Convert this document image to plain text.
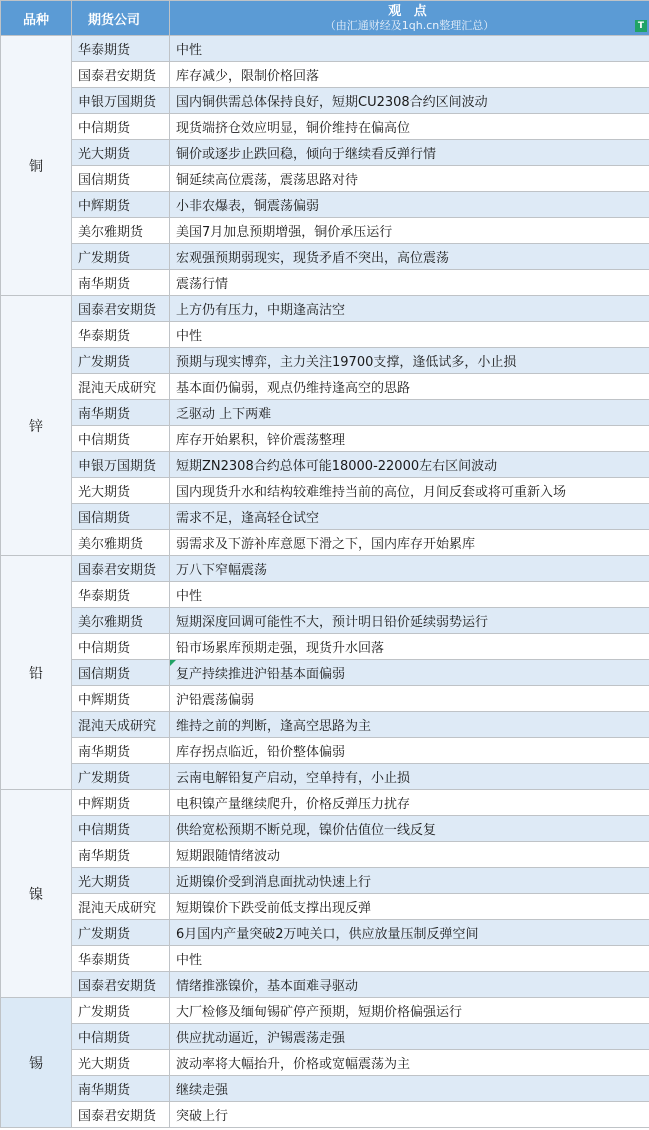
品种	期货公司	观 点
（由汇通财经及1qh.cn整理汇总） T

铜	华泰期货	中性
	国泰君安期货	库存减少，限制价格回落
	申银万国期货	国内铜供需总体保持良好，短期CU2308合约区间波动
	中信期货	现货端挤仓效应明显，铜价维持在偏高位
	光大期货	铜价或逐步止跌回稳，倾向于继续看反弹行情
	国信期货	铜延续高位震荡，震荡思路对待
	中辉期货	小非农爆表，铜震荡偏弱
	美尔雅期货	美国7月加息预期增强，铜价承压运行
	广发期货	宏观强预期弱现实，现货矛盾不突出，高位震荡
	南华期货	震荡行情
锌	国泰君安期货	上方仍有压力，中期逢高沽空
	华泰期货	中性
	广发期货	预期与现实博弈，主力关注19700支撑，逢低试多，小止损
	混沌天成研究	基本面仍偏弱，观点仍维持逢高空的思路
	南华期货	乏驱动 上下两难
	中信期货	库存开始累积，锌价震荡整理
	申银万国期货	短期ZN2308合约总体可能18000-22000左右区间波动
	光大期货	国内现货升水和结构较难维持当前的高位，月间反套或将可重新入场
	国信期货	需求不足，逢高轻仓试空
	美尔雅期货	弱需求及下游补库意愿下滑之下，国内库存开始累库
铅	国泰君安期货	万八下窄幅震荡
	华泰期货	中性
	美尔雅期货	短期深度回调可能性不大，预计明日铅价延续弱势运行
	中信期货	铅市场累库预期走强，现货升水回落
	国信期货	复产持续推进沪铅基本面偏弱
	中辉期货	沪铅震荡偏弱
	混沌天成研究	维持之前的判断，逢高空思路为主
	南华期货	库存拐点临近，铅价整体偏弱
	广发期货	云南电解铅复产启动，空单持有，小止损
镍	中辉期货	电积镍产量继续爬升，价格反弹压力扰存
	中信期货	供给宽松预期不断兑现，镍价估值位一线反复
	南华期货	短期跟随情绪波动
	光大期货	近期镍价受到消息面扰动快速上行
	混沌天成研究	短期镍价下跌受前低支撑出现反弹
	广发期货	6月国内产量突破2万吨关口，供应放量压制反弹空间
	华泰期货	中性
	国泰君安期货	情绪推涨镍价，基本面难寻驱动
锡	广发期货	大厂检修及缅甸锡矿停产预期，短期价格偏强运行
	中信期货	供应扰动逼近，沪锡震荡走强
	光大期货	波动率将大幅抬升，价格或宽幅震荡为主
	南华期货	继续走强
	国泰君安期货	突破上行
